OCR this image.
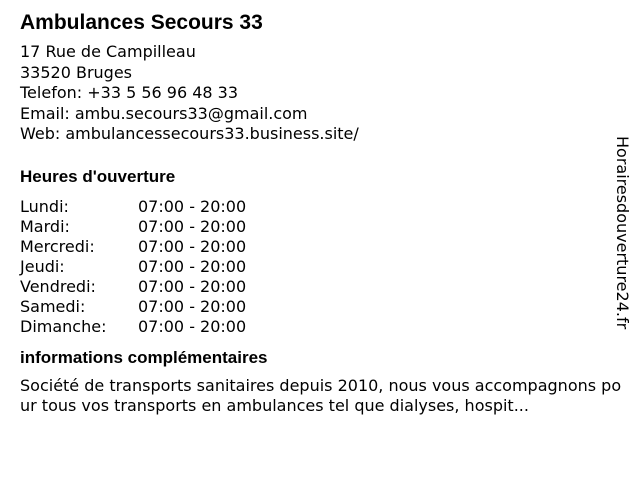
Ambulances Secours 33
17 Rue de Campilleau
33520 Bruges
Telefon: +33 5 56 96 48 33
Email: ambu.secours33@gmail.com
Web: ambulancessecours33.business.site/
Heures d'ouverture
Lundi:	07:00 - 20:00
Mardi:	07:00 - 20:00
Mercredi:	07:00 - 20:00
Jeudi:	07:00 - 20:00
Vendredi:	07:00 - 20:00
Samedi:	07:00 - 20:00
Dimanche: 07:00 - 20:00
informations complémentaires
Société de transports sanitaires depuis 2010, nous vous accompagnons pour tous vos transports en ambulances tel que dialyses, hospit...
Horairesdouverture24.fr
